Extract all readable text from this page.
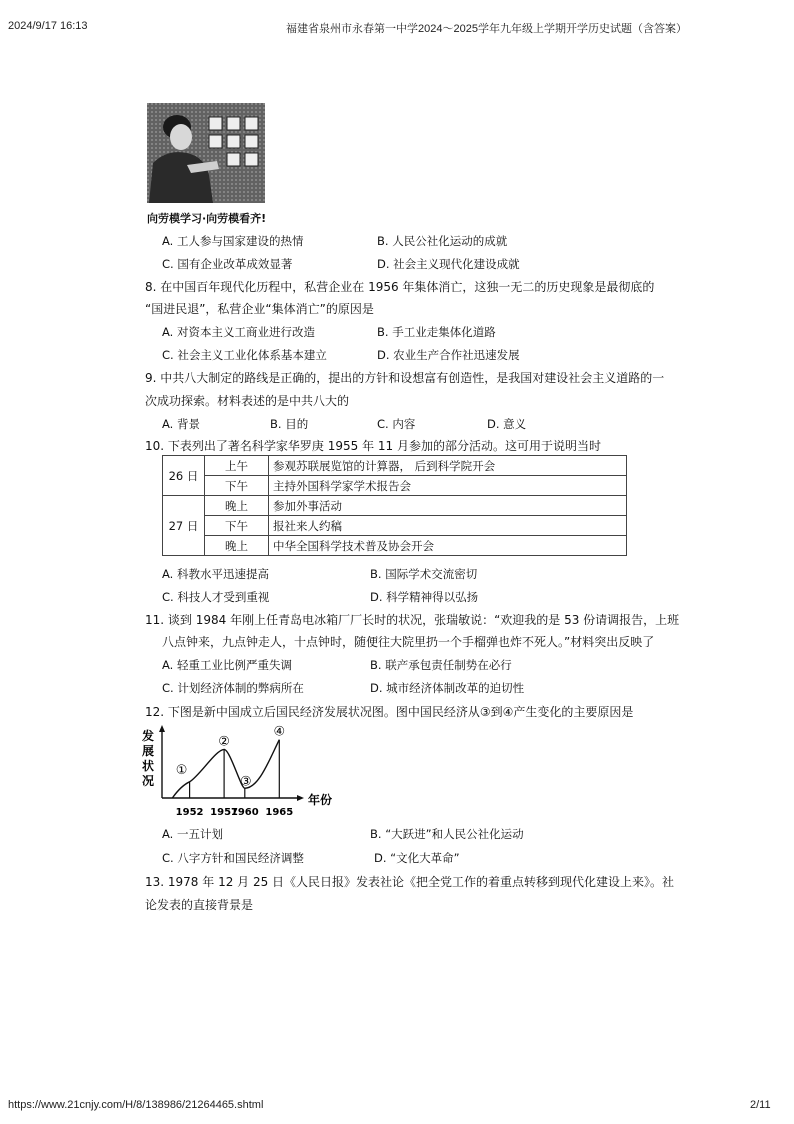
2024/9/17 16:13	福建省泉州市永春第一中学2024～2025学年九年级上学期开学历史试题（含答案）
向劳模学习·向劳模看齐!
A. 工人参与国家建设的热情	B. 人民公社化运动的成就
C. 国有企业改革成效显著	D. 社会主义现代化建设成就
8. 在中国百年现代化历程中，私营企业在 1956 年集体消亡，这独一无二的历史现象是最彻底的
“国进民退”，私营企业“集体消亡”的原因是
A. 对资本主义工商业进行改造	B. 手工业走集体化道路
C. 社会主义工业化体系基本建立	D. 农业生产合作社迅速发展
9. 中共八大制定的路线是正确的，提出的方针和设想富有创造性，是我国对建设社会主义道路的一
次成功探索。材料表述的是中共八大的
A. 背景	B. 目的	C. 内容	D. 意义
10. 下表列出了著名科学家华罗庚 1955 年 11 月参加的部分活动。这可用于说明当时
26 日	上午	参观苏联展览馆的计算器， 后到科学院开会
	下午	主持外国科学家学术报告会
27 日	晚上	参加外事活动
	下午	报社来人约稿
	晚上	中华全国科学技术普及协会开会
A. 科教水平迅速提高	B. 国际学术交流密切
C. 科技人才受到重视	D. 科学精神得以弘扬
11. 谈到 1984 年刚上任青岛电冰箱厂厂长时的状况，张瑞敏说：“欢迎我的是 53 份请调报告，上班
八点钟来，九点钟走人，十点钟时，随便往大院里扔一个手榴弹也炸不死人。”材料突出反映了
A. 轻重工业比例严重失调	B. 联产承包责任制势在必行
C. 计划经济体制的弊病所在	D. 城市经济体制改革的迫切性
12. 下图是新中国成立后国民经济发展状况图。图中国民经济从③到④产生变化的主要原因是
发
展
状
况
年份
①
1952
②
1957
③
1960
④
1965
A. 一五计划	B. “大跃进”和人民公社化运动
C. 八字方针和国民经济调整	D. “文化大革命”
13. 1978 年 12 月 25 日《人民日报》发表社论《把全党工作的着重点转移到现代化建设上来》。社
论发表的直接背景是
https://www.21cnjy.com/H/8/138986/21264465.shtml	2/11
